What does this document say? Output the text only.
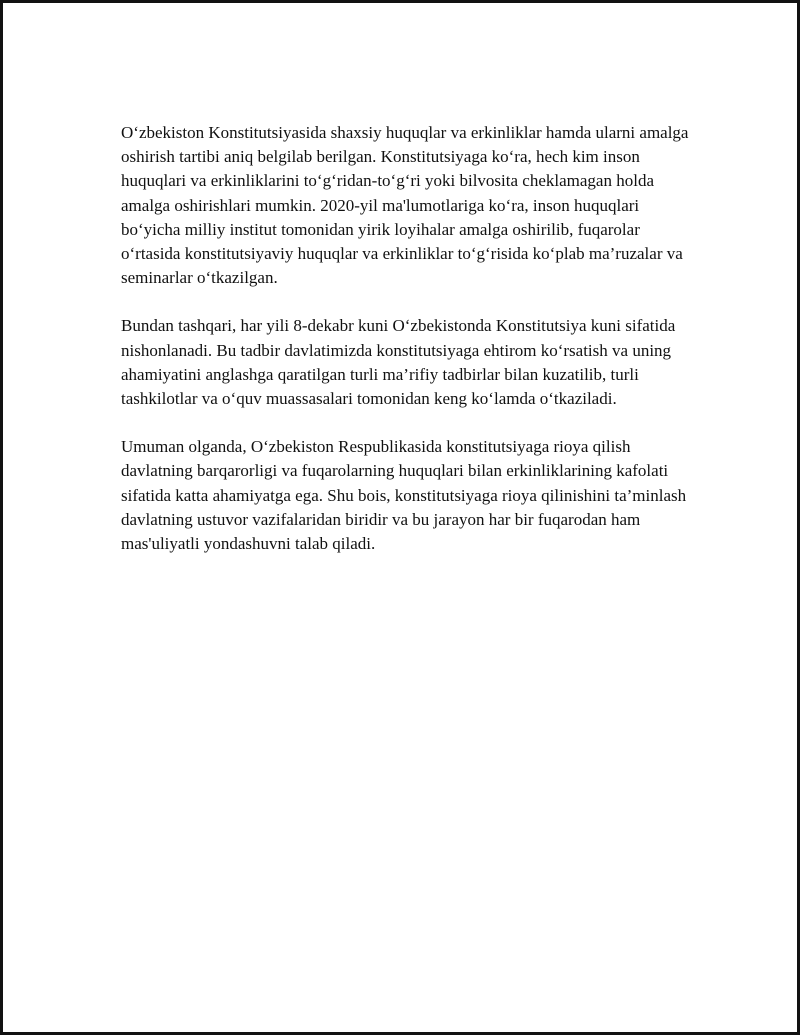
O‘zbekiston Konstitutsiyasida shaxsiy huquqlar va erkinliklar hamda ularni amalga oshirish tartibi aniq belgilab berilgan. Konstitutsiyaga ko‘ra, hech kim inson huquqlari va erkinliklarini to‘g‘ridan-to‘g‘ri yoki bilvosita cheklamagan holda amalga oshirishlari mumkin. 2020-yil ma'lumotlariga ko‘ra, inson huquqlari bo‘yicha milliy institut tomonidan yirik loyihalar amalga oshirilib, fuqarolar o‘rtasida konstitutsiyaviy huquqlar va erkinliklar to‘g‘risida ko‘plab ma’ruzalar va seminarlar o‘tkazilgan.

Bundan tashqari, har yili 8-dekabr kuni O‘zbekistonda Konstitutsiya kuni sifatida nishonlanadi. Bu tadbir davlatimizda konstitutsiyaga ehtirom ko‘rsatish va uning ahamiyatini anglashga qaratilgan turli ma’rifiy tadbirlar bilan kuzatilib, turli tashkilotlar va o‘quv muassasalari tomonidan keng ko‘lamda o‘tkaziladi.

Umuman olganda, O‘zbekiston Respublikasida konstitutsiyaga rioya qilish davlatning barqarorligi va fuqarolarning huquqlari bilan erkinliklarining kafolati sifatida katta ahamiyatga ega. Shu bois, konstitutsiyaga rioya qilinishini ta’minlash davlatning ustuvor vazifalaridan biridir va bu jarayon har bir fuqarodan ham mas'uliyatli yondashuvni talab qiladi.
